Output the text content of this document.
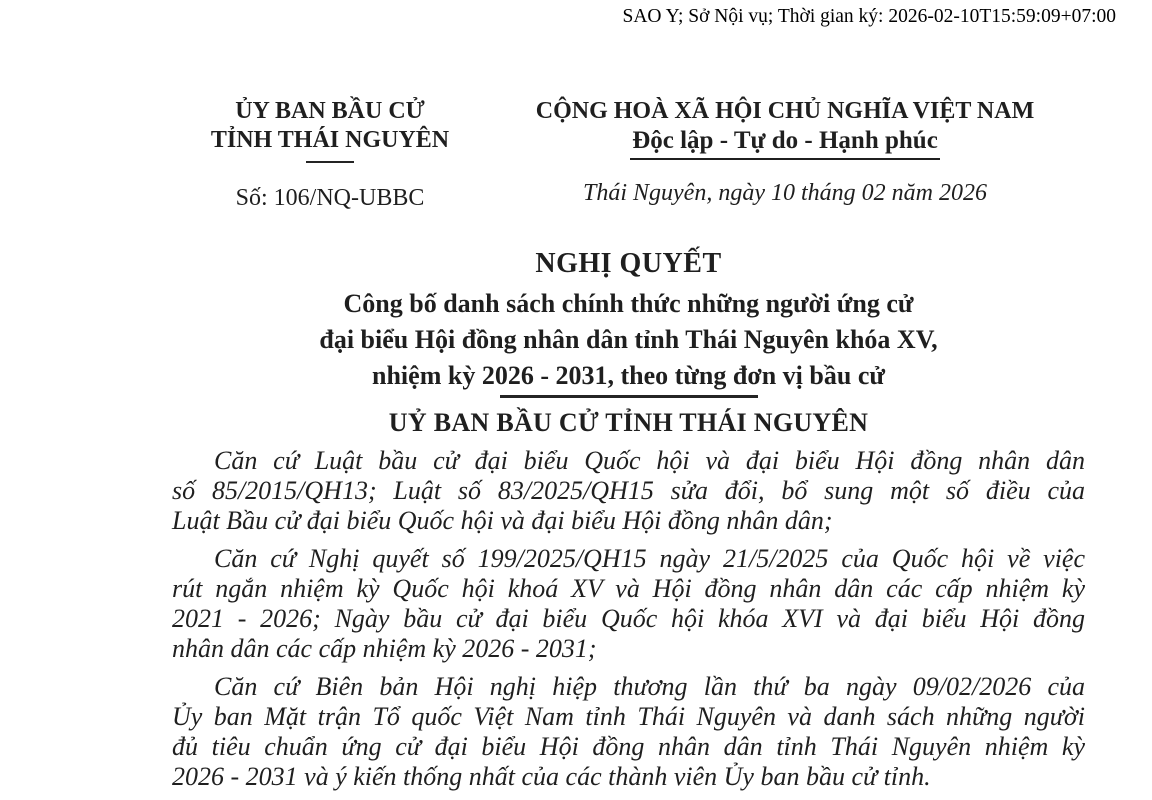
SAO Y; Sở Nội vụ; Thời gian ký: 2026-02-10T15:59:09+07:00
ỦY BAN BẦU CỬ
TỈNH THÁI NGUYÊN
Số: 106/NQ-UBBC
CỘNG HOÀ XÃ HỘI CHỦ NGHĨA VIỆT NAM
Độc lập - Tự do - Hạnh phúc
Thái Nguyên, ngày 10 tháng 02 năm 2026
NGHỊ QUYẾT
Công bố danh sách chính thức những người ứng cử
đại biểu Hội đồng nhân dân tỉnh Thái Nguyên khóa XV,
nhiệm kỳ 2026 - 2031, theo từng đơn vị bầu cử
UỶ BAN BẦU CỬ TỈNH THÁI NGUYÊN
Căn cứ Luật bầu cử đại biểu Quốc hội và đại biểu Hội đồng nhân dân
số 85/2015/QH13; Luật số 83/2025/QH15 sửa đổi, bổ sung một số điều của
Luật Bầu cử đại biểu Quốc hội và đại biểu Hội đồng nhân dân;
Căn cứ Nghị quyết số 199/2025/QH15 ngày 21/5/2025 của Quốc hội về việc
rút ngắn nhiệm kỳ Quốc hội khoá XV và Hội đồng nhân dân các cấp nhiệm kỳ
2021 - 2026; Ngày bầu cử đại biểu Quốc hội khóa XVI và đại biểu Hội đồng
nhân dân các cấp nhiệm kỳ 2026 - 2031;
Căn cứ Biên bản Hội nghị hiệp thương lần thứ ba ngày 09/02/2026 của
Ủy ban Mặt trận Tổ quốc Việt Nam tỉnh Thái Nguyên và danh sách những người
đủ tiêu chuẩn ứng cử đại biểu Hội đồng nhân dân tỉnh Thái Nguyên nhiệm kỳ
2026 - 2031 và ý kiến thống nhất của các thành viên Ủy ban bầu cử tỉnh.
